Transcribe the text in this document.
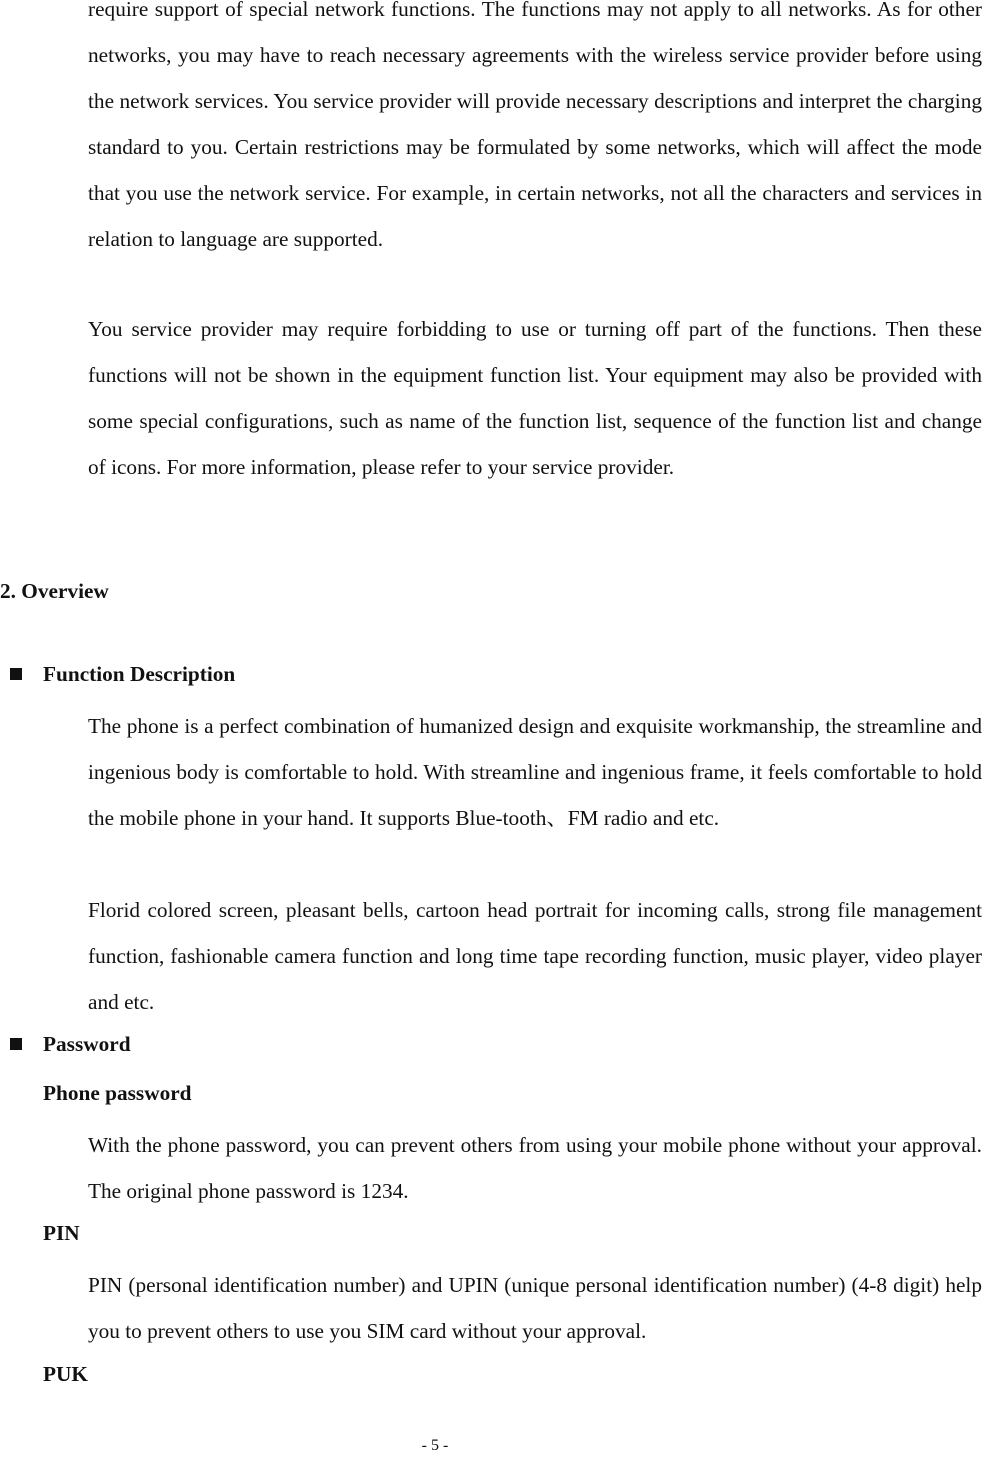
require support of special network functions. The functions may not apply to all networks. As for other networks, you may have to reach necessary agreements with the wireless service provider before using the network services. You service provider will provide necessary descriptions and interpret the charging standard to you. Certain restrictions may be formulated by some networks, which will affect the mode that you use the network service. For example, in certain networks, not all the characters and services in relation to language are supported.

You service provider may require forbidding to use or turning off part of the functions. Then these functions will not be shown in the equipment function list. Your equipment may also be provided with some special configurations, such as name of the function list, sequence of the function list and change of icons. For more information, please refer to your service provider.

2. Overview
Function Description

The phone is a perfect combination of humanized design and exquisite workmanship, the streamline and ingenious body is comfortable to hold. With streamline and ingenious frame, it feels comfortable to hold the mobile phone in your hand. It supports Blue-tooth、FM radio and etc.

Florid colored screen, pleasant bells, cartoon head portrait for incoming calls, strong file management function, fashionable camera function and long time tape recording function, music player, video player and etc.

Password
Phone password

With the phone password, you can prevent others from using your mobile phone without your approval. The original phone password is 1234.

PIN

PIN (personal identification number) and UPIN (unique personal identification number) (4-8 digit) help you to prevent others to use you SIM card without your approval.

PUK
- 5 -
